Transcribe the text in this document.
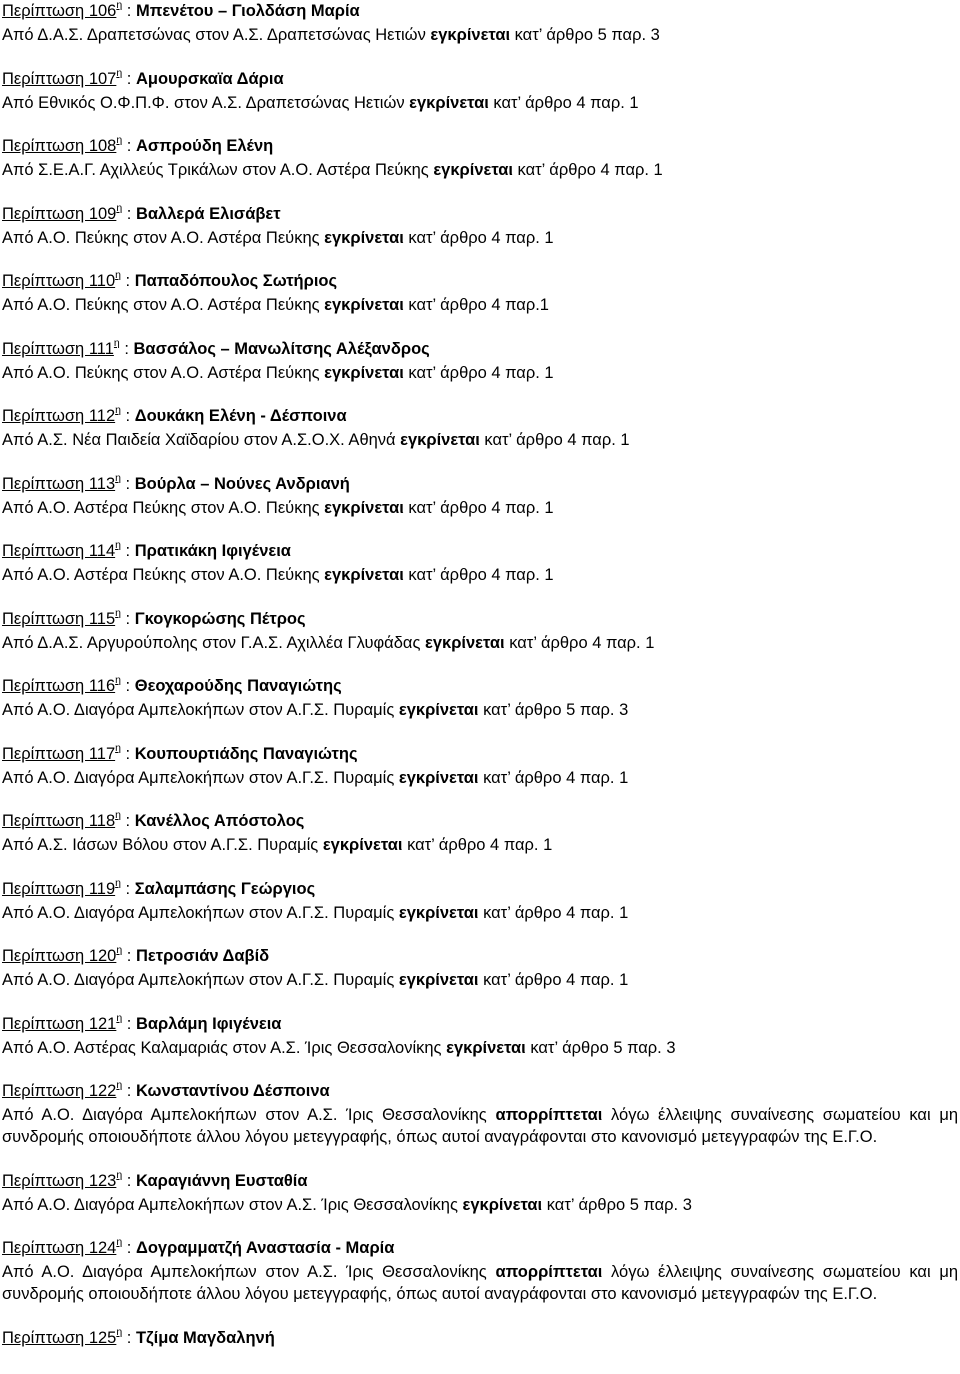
Περίπτωση $106^\eta$ : Μπενέτου – Γιολδάση Μαρία
Από Δ.Α.Σ. Δραπετσώνας στον Α.Σ. Δραπετσώνας Ηετιών εγκρίνεται κατ’ άρθρο 5 παρ. 3
Περίπτωση $107^\eta$ : Αμουρσκαϊα Δάρια
Από Εθνικός Ο.Φ.Π.Φ. στον Α.Σ. Δραπετσώνας Ηετιών εγκρίνεται κατ’ άρθρο 4 παρ. 1
Περίπτωση $108^\eta$ : Ασπρούδη Ελένη
Από Σ.Ε.Α.Γ. Αχιλλεύς Τρικάλων στον Α.Ο. Αστέρα Πεύκης εγκρίνεται κατ’ άρθρο 4 παρ. 1
Περίπτωση $109^\eta$ : Βαλλερά Ελισάβετ
Από Α.Ο. Πεύκης στον Α.Ο. Αστέρα Πεύκης εγκρίνεται κατ’ άρθρο 4 παρ. 1
Περίπτωση $110^\eta$ : Παπαδόπουλος Σωτήριος
Από Α.Ο. Πεύκης στον Α.Ο. Αστέρα Πεύκης εγκρίνεται κατ’ άρθρο 4 παρ.1
Περίπτωση $111^\eta$ : Βασσάλος – Μανωλίτσης Αλέξανδρος
Από Α.Ο. Πεύκης στον Α.Ο. Αστέρα Πεύκης εγκρίνεται κατ’ άρθρο 4 παρ. 1
Περίπτωση $112^\eta$ : Δουκάκη Ελένη - Δέσποινα
Από Α.Σ. Νέα Παιδεία Χαϊδαρίου στον Α.Σ.Ο.Χ. Αθηνά εγκρίνεται κατ’ άρθρο 4 παρ. 1
Περίπτωση $113^\eta$ : Βούρλα – Νούνες Ανδριανή
Από Α.Ο. Αστέρα Πεύκης στον Α.Ο. Πεύκης εγκρίνεται κατ’ άρθρο 4 παρ. 1
Περίπτωση $114^\eta$ : Πρατικάκη Ιφιγένεια
Από Α.Ο. Αστέρα Πεύκης στον Α.Ο. Πεύκης εγκρίνεται κατ’ άρθρο 4 παρ. 1
Περίπτωση $115^\eta$ : Γκογκορώσης Πέτρος
Από Δ.Α.Σ. Αργυρούπολης στον Γ.Α.Σ. Αχιλλέα Γλυφάδας εγκρίνεται κατ’ άρθρο 4 παρ. 1
Περίπτωση $116^\eta$ : Θεοχαρούδης Παναγιώτης
Από Α.Ο. Διαγόρα Αμπελοκήπων στον Α.Γ.Σ. Πυραμίς εγκρίνεται κατ’ άρθρο 5 παρ. 3
Περίπτωση $117^\eta$ : Κουπουρτιάδης Παναγιώτης
Από Α.Ο. Διαγόρα Αμπελοκήπων στον Α.Γ.Σ. Πυραμίς εγκρίνεται κατ’ άρθρο 4 παρ. 1
Περίπτωση $118^\eta$ : Κανέλλος Απόστολος
Από Α.Σ. Ιάσων Βόλου στον Α.Γ.Σ. Πυραμίς εγκρίνεται κατ’ άρθρο 4 παρ. 1
Περίπτωση $119^\eta$ : Σαλαμπάσης Γεώργιος
Από Α.Ο. Διαγόρα Αμπελοκήπων στον Α.Γ.Σ. Πυραμίς εγκρίνεται κατ’ άρθρο 4 παρ. 1
Περίπτωση $120^\eta$ : Πετροσιάν Δαβίδ
Από Α.Ο. Διαγόρα Αμπελοκήπων στον Α.Γ.Σ. Πυραμίς εγκρίνεται κατ’ άρθρο 4 παρ. 1
Περίπτωση $121^\eta$ : Βαρλάμη Ιφιγένεια
Από Α.Ο. Αστέρας Καλαμαριάς στον Α.Σ. Ίρις Θεσσαλονίκης εγκρίνεται κατ’ άρθρο 5 παρ. 3
Περίπτωση $122^\eta$ : Κωνσταντίνου Δέσποινα
Από Α.Ο. Διαγόρα Αμπελοκήπων στον Α.Σ. Ίρις Θεσσαλονίκης απορρίπτεται λόγω έλλειψης συναίνεσης σωματείου και μη συνδρομής οποιουδήποτε άλλου λόγου μετεγγραφής, όπως αυτοί αναγράφονται στο κανονισμό μετεγγραφών της Ε.Γ.Ο.
Περίπτωση $123^\eta$ : Καραγιάννη Ευσταθία
Από Α.Ο. Διαγόρα Αμπελοκήπων στον Α.Σ. Ίρις Θεσσαλονίκης εγκρίνεται κατ’ άρθρο 5 παρ. 3
Περίπτωση $124^\eta$ : Δογραμματζή Αναστασία - Μαρία
Από Α.Ο. Διαγόρα Αμπελοκήπων στον Α.Σ. Ίρις Θεσσαλονίκης απορρίπτεται λόγω έλλειψης συναίνεσης σωματείου και μη συνδρομής οποιουδήποτε άλλου λόγου μετεγγραφής, όπως αυτοί αναγράφονται στο κανονισμό μετεγγραφών της Ε.Γ.Ο.
Περίπτωση $125^\eta$ : Τζίμα Μαγδαληνή
